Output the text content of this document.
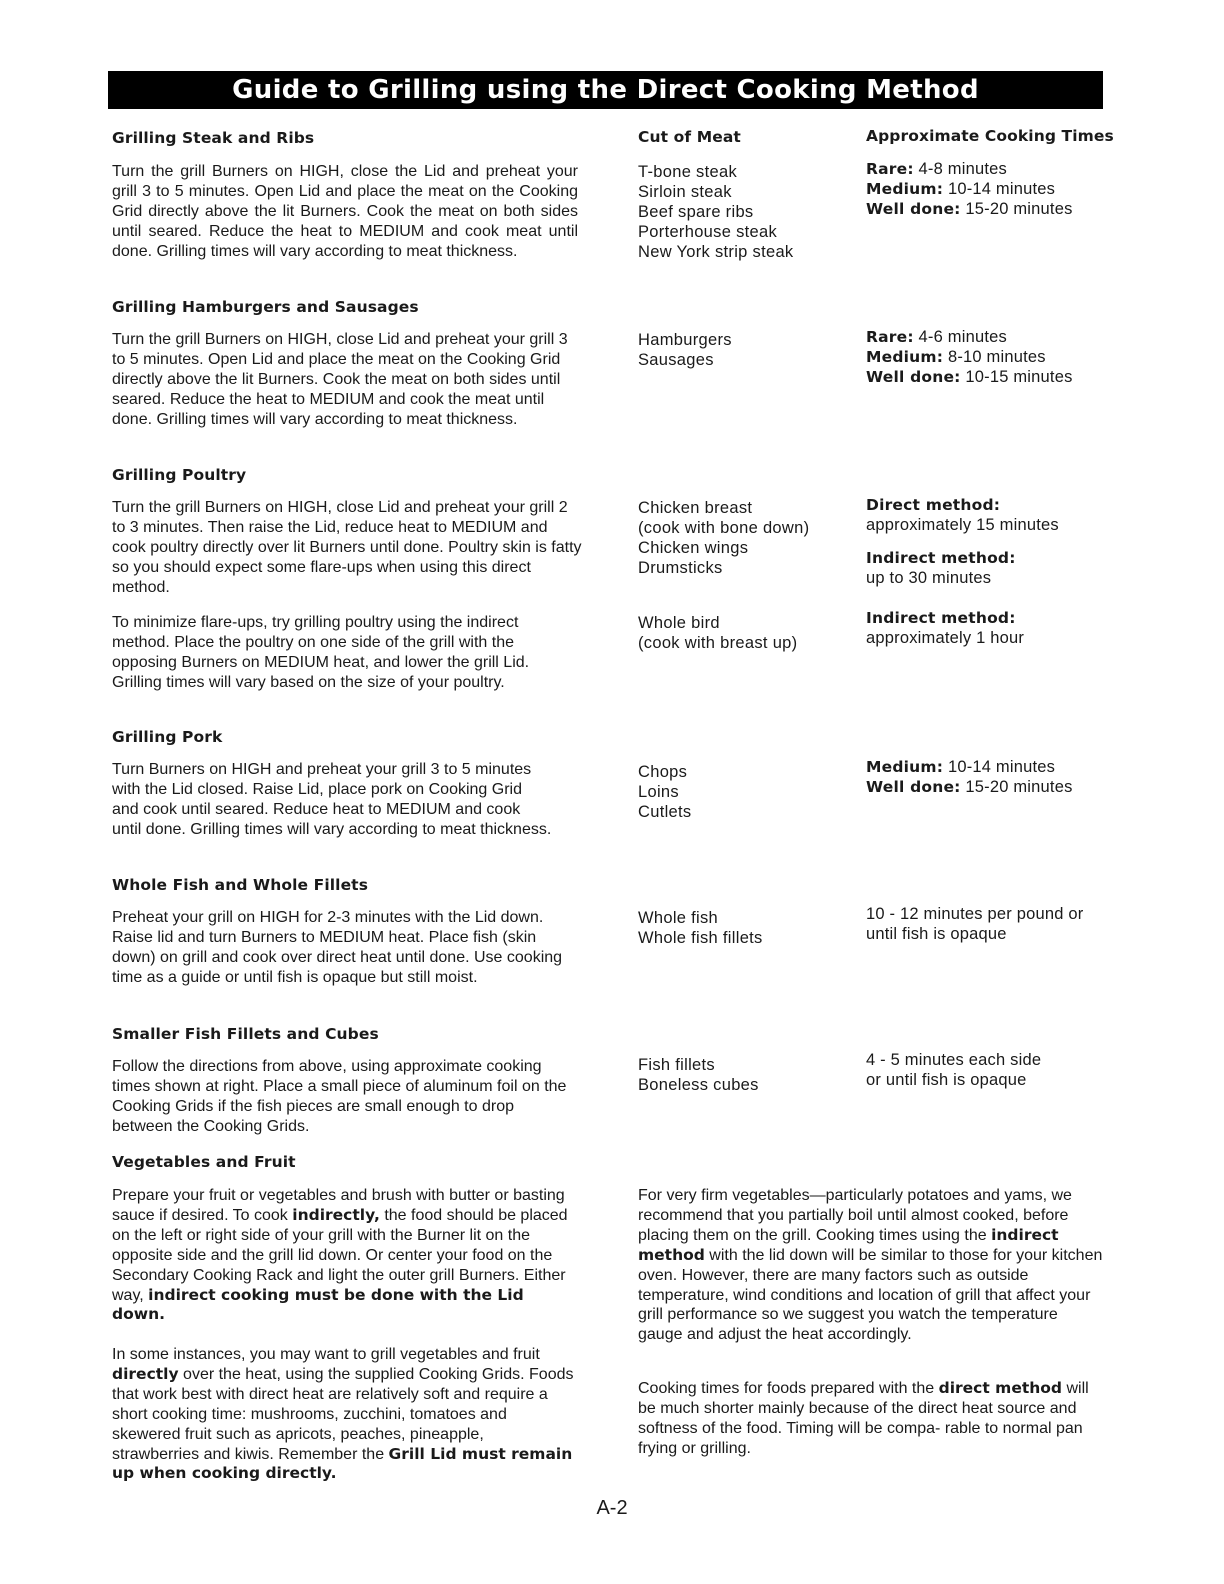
Guide to Grilling using the Direct Cooking Method
Cut of Meat	Approximate Cooking Times
Grilling Steak and Ribs
Turn the grill Burners on HIGH, close the Lid and preheat your grill 3 to 5 minutes. Open Lid and place the meat on the Cooking Grid directly above the lit Burners. Cook the meat on both sides until seared. Reduce the heat to MEDIUM and cook meat until done. Grilling times will vary according to meat thickness.
T-bone steak
Sirloin steak
Beef spare ribs
Porterhouse steak
New York strip steak
Rare: 4-8 minutes
Medium: 10-14 minutes
Well done: 15-20 minutes
Grilling Hamburgers and Sausages
Turn the grill Burners on HIGH, close Lid and preheat your grill 3 to 5 minutes. Open Lid and place the meat on the Cooking Grid directly above the lit Burners. Cook the meat on both sides until seared. Reduce the heat to MEDIUM and cook the meat until done. Grilling times will vary according to meat thickness.
Hamburgers
Sausages
Rare: 4-6 minutes
Medium: 8-10 minutes
Well done: 10-15 minutes
Grilling Poultry
Turn the grill Burners on HIGH, close Lid and preheat your grill 2 to 3 minutes. Then raise the Lid, reduce heat to MEDIUM and cook poultry directly over lit Burners until done. Poultry skin is fatty so you should expect some flare-ups when using this direct method.
To minimize flare-ups, try grilling poultry using the indirect method. Place the poultry on one side of the grill with the opposing Burners on MEDIUM heat, and lower the grill Lid. Grilling times will vary based on the size of your poultry.
Chicken breast
(cook with bone down)
Chicken wings
Drumsticks
Whole bird
(cook with breast up)
Direct method:
approximately 15 minutes
Indirect method:
up to 30 minutes
Indirect method:
approximately 1 hour
Grilling Pork
Turn Burners on HIGH and preheat your grill 3 to 5 minutes with the Lid closed. Raise Lid, place pork on Cooking Grid and cook until seared. Reduce heat to MEDIUM and cook until done. Grilling times will vary according to meat thickness.
Chops
Loins
Cutlets
Medium: 10-14 minutes
Well done: 15-20 minutes
Whole Fish and Whole Fillets
Preheat your grill on HIGH for 2-3 minutes with the Lid down. Raise lid and turn Burners to MEDIUM heat. Place fish (skin down) on grill and cook over direct heat until done. Use cooking time as a guide or until fish is opaque but still moist.
Whole fish
Whole fish fillets
10 - 12 minutes per pound or
until fish is opaque
Smaller Fish Fillets and Cubes
Follow the directions from above, using approximate cooking times shown at right. Place a small piece of aluminum foil on the Cooking Grids if the fish pieces are small enough to drop between the Cooking Grids.
Fish fillets
Boneless cubes
4 - 5 minutes each side
or until fish is opaque
Vegetables and Fruit

Prepare your fruit or vegetables and brush with butter or basting sauce if desired. To cook indirectly, the food should be placed on the left or right side of your grill with the Burner lit on the opposite side and the grill lid down. Or center your food on the Secondary Cooking Rack and light the outer grill Burners. Either way, indirect cooking must be done with the Lid down.

In some instances, you may want to grill vegetables and fruit directly over the heat, using the supplied Cooking Grids. Foods that work best with direct heat are relatively soft and require a short cooking time: mushrooms, zucchini, tomatoes and skewered fruit such as apricots, peaches, pineapple, strawberries and kiwis. Remember the Grill Lid must remain up when cooking directly.

For very firm vegetables—particularly potatoes and yams, we recommend that you partially boil until almost cooked, before placing them on the grill. Cooking times using the indirect method with the lid down will be similar to those for your kitchen oven. However, there are many factors such as outside temperature, wind conditions and location of grill that affect your grill performance so we suggest you watch the temperature gauge and adjust the heat accordingly.

Cooking times for foods prepared with the direct method will be much shorter mainly because of the direct heat source and softness of the food. Timing will be compa- rable to normal pan frying or grilling.

A-2
